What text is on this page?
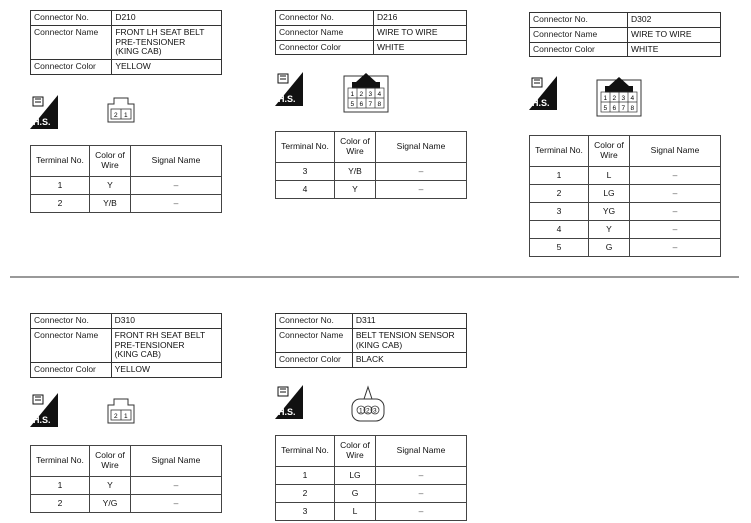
Connector No.	D210
Connector Name	FRONT LH SEAT BELT
PRE-TENSIONER
(KING CAB)
Connector Color	YELLOW
H.S.
2 1
Terminal No.	Color of Wire	Signal Name
1	Y	–
2	Y/B	–
Connector No.	D216
Connector Name	WIRE TO WIRE
Connector Color	WHITE
H.S.	1 2 3 4
5 6 7 8
Terminal No.	Color of Wire	Signal Name
3	Y/B	–
4	Y	–
Connector No.	D302
Connector Name	WIRE TO WIRE
Connector Color	WHITE
H.S.	1 2 3 4
5 6 7 8
Terminal No.	Color of Wire	Signal Name
1	L	–
2	LG	–
3	YG	–
4	Y	–
5	G	–
Connector No.	D310
Connector Name	FRONT RH SEAT BELT
PRE-TENSIONER
(KING CAB)
Connector Color	YELLOW
H.S.	2 1
Terminal No.	Color of Wire	Signal Name
1	Y	–
2	Y/G	–
Connector No.	D311
Connector Name	BELT TENSION SENSOR
(KING CAB)
Connector Color	BLACK
H.S.	1 2 3
Terminal No.	Color of Wire	Signal Name
1	LG	–
2	G	–
3	L	–
